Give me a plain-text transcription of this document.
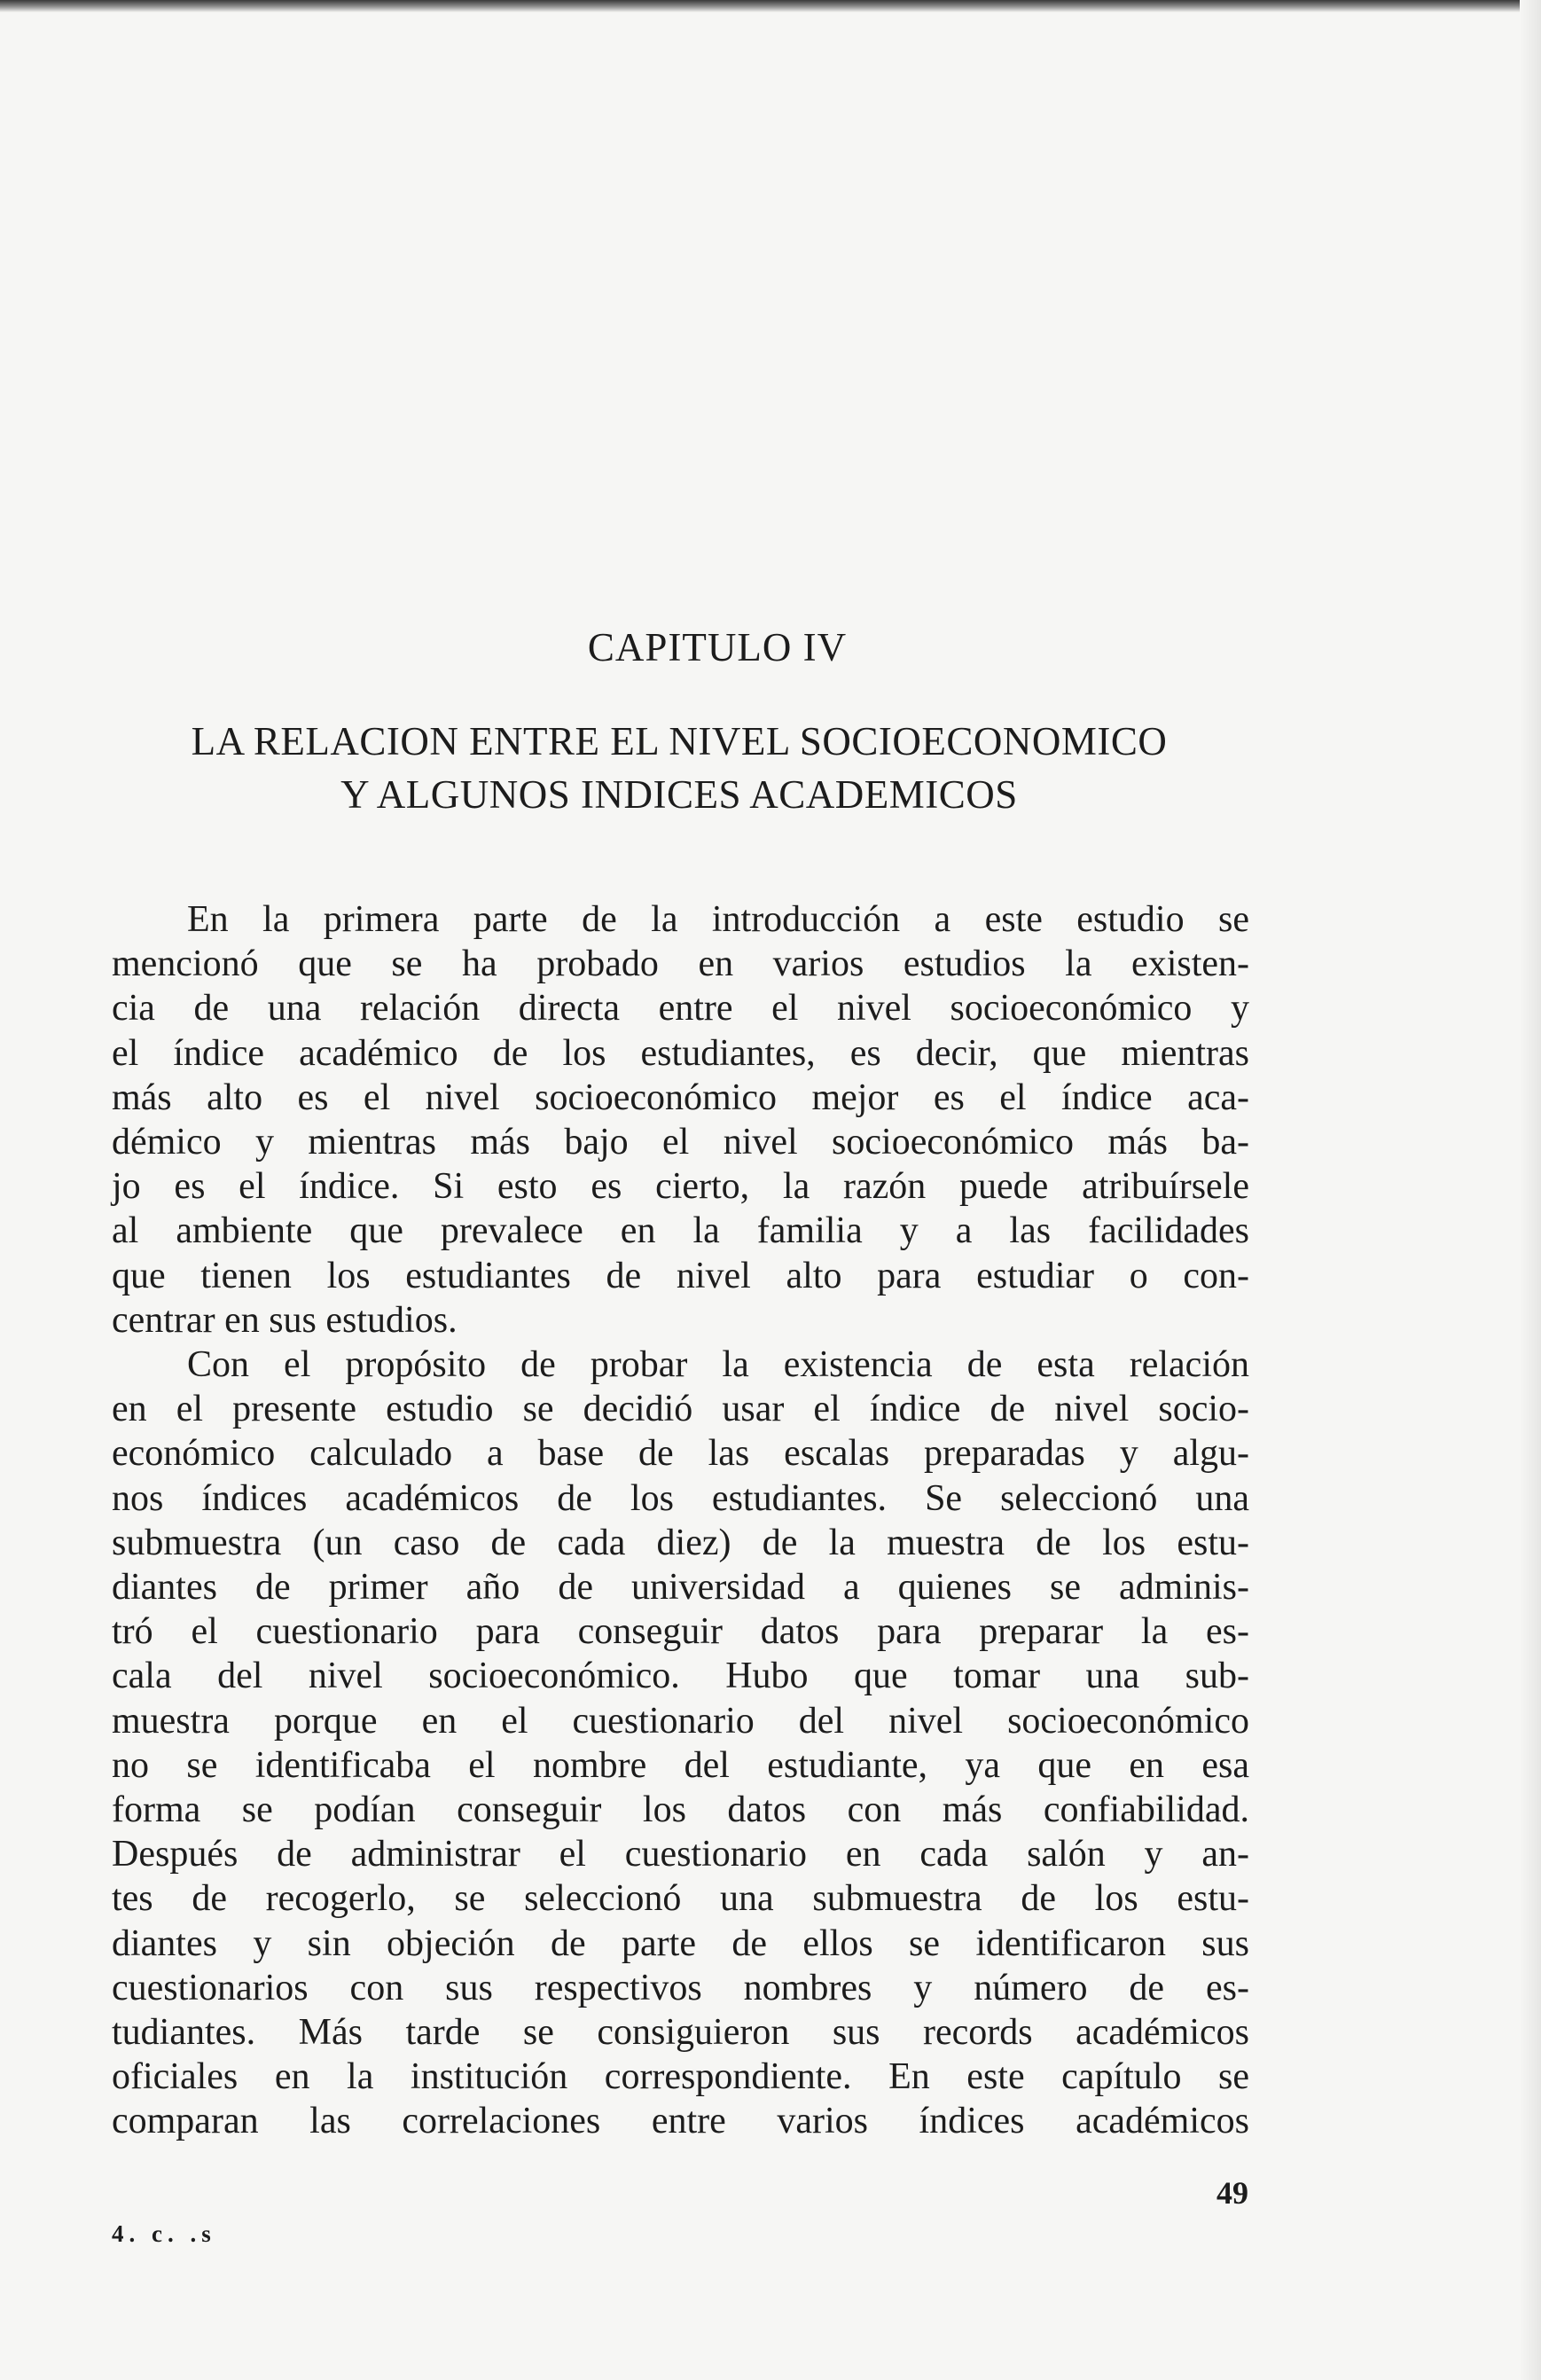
CAPITULO IV
LA RELACION ENTRE EL NIVEL SOCIOECONOMICO
Y ALGUNOS INDICES ACADEMICOS

En la primera parte de la introducción a este estudio se
mencionó que se ha probado en varios estudios la existen-
cia de una relación directa entre el nivel socioeconómico y
el índice académico de los estudiantes, es decir, que mientras
más alto es el nivel socioeconómico mejor es el índice aca-
démico y mientras más bajo el nivel socioeconómico más ba-
jo es el índice. Si esto es cierto, la razón puede atribuírsele
al ambiente que prevalece en la familia y a las facilidades
que tienen los estudiantes de nivel alto para estudiar o con-
centrar en sus estudios.

Con el propósito de probar la existencia de esta relación
en el presente estudio se decidió usar el índice de nivel socio-
económico calculado a base de las escalas preparadas y algu-
nos índices académicos de los estudiantes. Se seleccionó una
submuestra (un caso de cada diez) de la muestra de los estu-
diantes de primer año de universidad a quienes se adminis-
tró el cuestionario para conseguir datos para preparar la es-
cala del nivel socioeconómico. Hubo que tomar una sub-
muestra porque en el cuestionario del nivel socioeconómico
no se identificaba el nombre del estudiante, ya que en esa
forma se podían conseguir los datos con más confiabilidad.
Después de administrar el cuestionario en cada salón y an-
tes de recogerlo, se seleccionó una submuestra de los estu-
diantes y sin objeción de parte de ellos se identificaron sus
cuestionarios con sus respectivos nombres y número de es-
tudiantes. Más tarde se consiguieron sus records académicos
oficiales en la institución correspondiente. En este capítulo se
comparan las correlaciones entre varios índices académicos

49
4. c. .s
